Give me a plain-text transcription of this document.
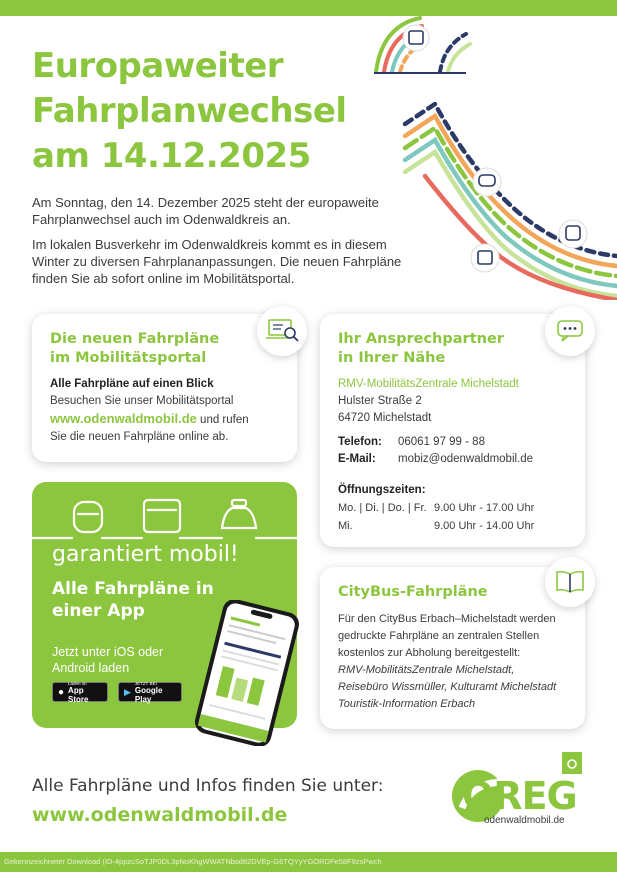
Europaweiter
Fahrplanwechsel
am 14.12.2025

Am Sonntag, den 14. Dezember 2025 steht der europaweite Fahrplanwechsel auch im Odenwaldkreis an.

Im lokalen Busverkehr im Odenwaldkreis kommt es in diesem Winter zu diversen Fahrplananpassungen. Die neuen Fahrpläne finden Sie ab sofort online im Mobilitätsportal.

Die neuen Fahrpläne
im Mobilitätsportal
Alle Fahrpläne auf einen Blick
Besuchen Sie unser Mobilitätsportal
www.odenwaldmobil.de und rufen
Sie die neuen Fahrpläne online ab.
Ihr Ansprechpartner
in Ihrer Nähe
RMV-MobilitätsZentrale Michelstadt
Hulster Straße 2
64720 Michelstadt
Telefon:	06061 97 99 - 88
E-Mail:	mobiz@odenwaldmobil.de
Öffnungszeiten:
Mo. | Di. | Do. | Fr. 9.00 Uhr - 17.00 Uhr
Mi.	9.00 Uhr - 14.00 Uhr
garantiert mobil!
Alle Fahrpläne in
einer App
Jetzt unter iOS oder
Android laden
●
Laden im
App Store
▶
JETZT BEI
Google Play
CityBus-Fahrpläne
Für den CityBus Erbach–Michelstadt werden
gedruckte Fahrpläne an zentralen Stellen
kostenlos zur Abholung bereitgestellt:
RMV-MobilitätsZentrale Michelstadt,
Reisebüro Wissmüller, Kulturamt Michelstadt
Touristik-Information Erbach
Alle Fahrpläne und Infos finden Sie unter:
www.odenwaldmobil.de	OREG
odenwaldmobil.de
Gekennzeichneter Download (ID-4ppzcSoTJP0DL3pNoKhgWWATNbsd82DVEp-G6TQYyYGORDFe58F9zsPwch
